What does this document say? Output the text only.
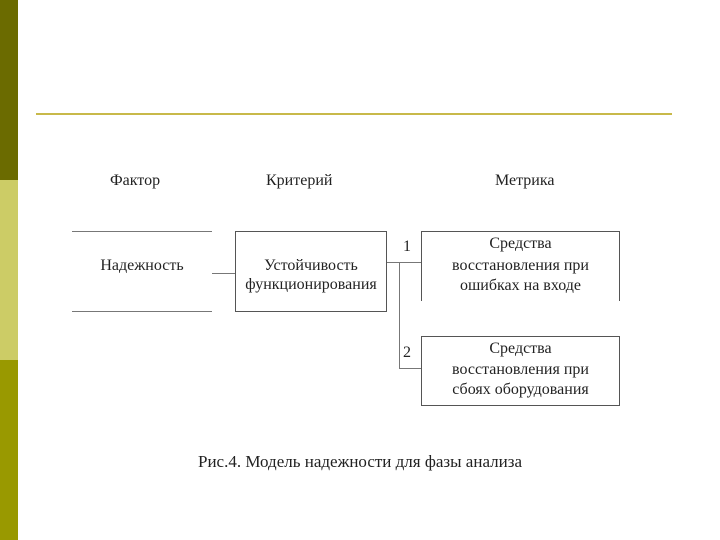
Фактор	Критерий	Метрика
Надежность	Устойчивость
функционирования
1
2
Средства
восстановления при
ошибках на входе
Средства
восстановления при
сбоях оборудования
Рис.4. Модель надежности для фазы анализа
